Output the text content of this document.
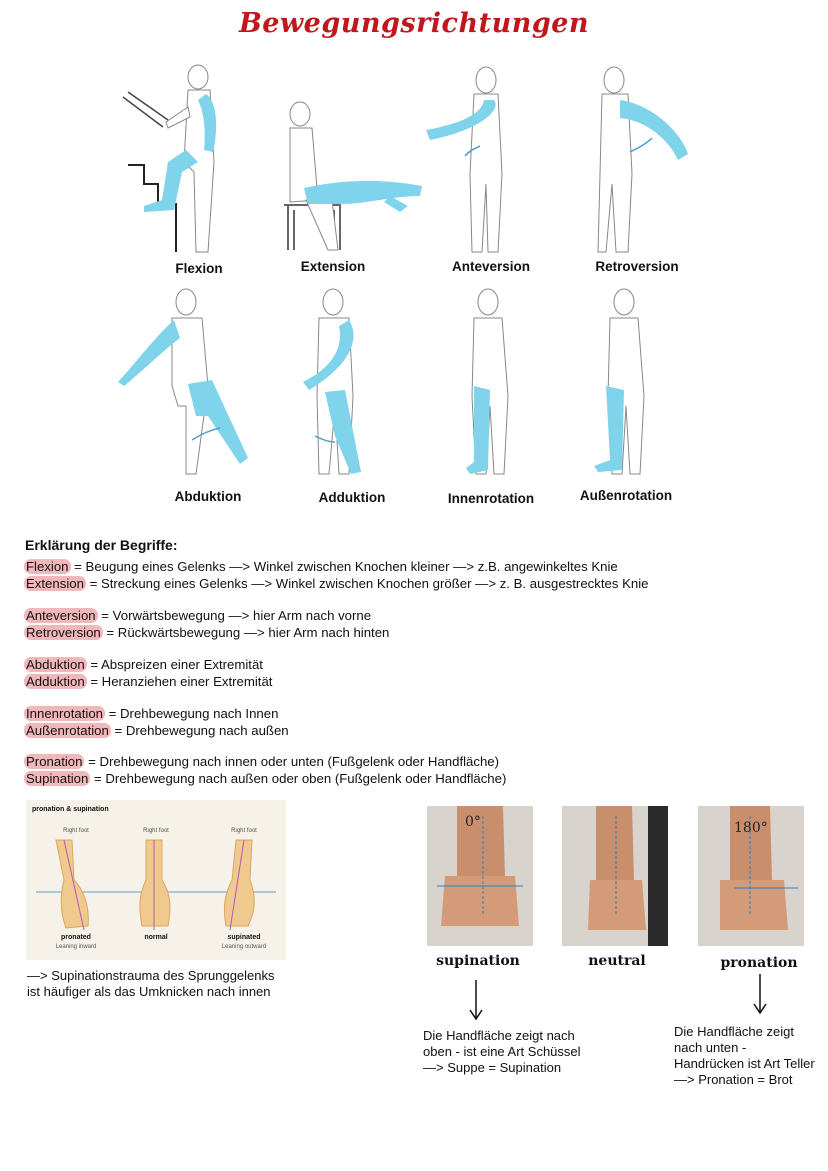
Bewegungsrichtungen
Flexion	Extension	Anteversion	Retroversion
Abduktion	Adduktion	Innenrotation	Außenrotation
Erklärung der Begriffe:
Flexion = Beugung eines Gelenks —> Winkel zwischen Knochen kleiner —> z.B. angewinkeltes Knie
Extension = Streckung eines Gelenks —> Winkel zwischen Knochen größer —> z. B. ausgestrecktes Knie
Anteversion = Vorwärtsbewegung —> hier Arm nach vorne
Retroversion = Rückwärtsbewegung —> hier Arm nach hinten
Abduktion = Abspreizen einer Extremität
Adduktion = Heranziehen einer Extremität
Innenrotation = Drehbewegung nach Innen
Außenrotation = Drehbewegung nach außen
Pronation = Drehbewegung nach innen oder unten (Fußgelenk oder Handfläche)
Supination = Drehbewegung nach außen oder oben (Fußgelenk oder Handfläche)
pronation & supination
Right foot	Right foot	Right foot
pronated	normal	supinated
Leaning inward	Leaning outward
—> Supinationstrauma des Sprunggelenks
ist häufiger als das Umknicken nach innen
0°	180°
supination	neutral	pronation
Die Handfläche zeigt nach
oben - ist eine Art Schüssel
—> Suppe = Supination
Die Handfläche zeigt
nach unten -
Handrücken ist Art Teller
—> Pronation = Brot
